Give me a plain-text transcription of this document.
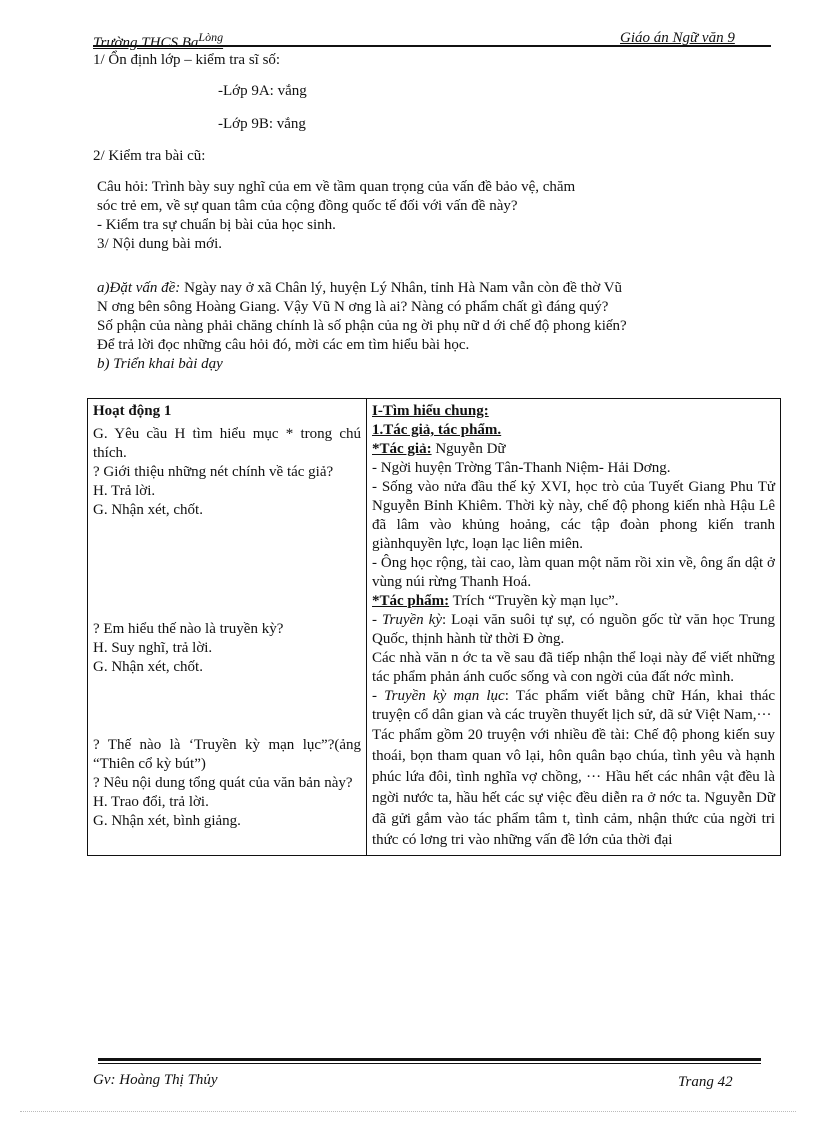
Trường THCS $Ba^{Lòng}$	Giáo án Ngữ văn 9
1/ Ổn định lớp – kiểm tra sĩ số:
-Lớp 9A: vắng
-Lớp 9B: vắng
2/ Kiểm tra bài cũ:
Câu hỏi: Trình bày suy nghĩ của em về tầm quan trọng của vấn đề bảo vệ, chăm
sóc trẻ em, về sự quan tâm của cộng đồng quốc tế đối với vấn đề này?
- Kiểm tra sự chuẩn bị bài của học sinh.
3/ Nội dung bài mới.
a)Đặt vấn đề: Ngày nay ở xã Chân lý, huyện Lý Nhân, tỉnh Hà Nam vẫn còn đề thờ Vũ
N ơng bên sông Hoàng Giang. Vậy Vũ N ơng là ai? Nàng có phẩm chất gì đáng quý?
Số phận của nàng phải chăng chính là số phận của ng ời phụ nữ d ới chế độ phong kiến?
Để trả lời đọc những câu hỏi đó, mời các em tìm hiểu bài học.
b) Triển khai bài dạy
Hoạt động 1
G. Yêu cầu H tìm hiểu mục * trong chú thích.
? Giới thiệu những nét chính về tác giả?
H. Trả lời.
G. Nhận xét, chốt.
? Em hiểu thế nào là truyền kỳ?
H. Suy nghĩ, trả lời.
G. Nhận xét, chốt.
? Thế nào là ‘Truyền kỳ mạn lục”?(ảng “Thiên cổ kỳ bút”)
? Nêu nội dung tổng quát của văn bản này?
H. Trao đổi, trả lời.
G. Nhận xét, bình giảng.

I-Tìm hiểu chung:
1.Tác giả, tác phẩm.
*Tác giả: Nguyễn Dữ
- Ngời huyện Trờng Tân-Thanh Niệm- Hải Dơng.
- Sống vào nửa đầu thế kỷ XVI, học trò của Tuyết Giang Phu Tử Nguyễn Bỉnh Khiêm. Thời kỳ này, chế độ phong kiến nhà Hậu Lê đã lâm vào khủng hoảng, các tập đoàn phong kiến tranh giànhquyền lực, loạn lạc liên miên.
- Ông học rộng, tài cao, làm quan một năm rồi xin về, ông ẩn dật ở vùng núi rừng Thanh Hoá.
*Tác phẩm: Trích “Truyền kỳ mạn lục”.
- Truyền kỳ: Loại văn suôi tự sự, có nguồn gốc từ văn học Trung Quốc, thịnh hành từ thời Đ ờng.
Các nhà văn n ớc ta về sau đã tiếp nhận thể loại này để viết những tác phẩm phản ánh cuốc sống và con ngời của đất nớc mình.
- Truyền kỳ mạn lục: Tác phẩm viết bằng chữ Hán, khai thác truyện cổ dân gian và các truyền thuyết lịch sử, dã sử Việt Nam,···
Tác phẩm gồm 20 truyện với nhiều đề tài: Chế độ phong kiến suy thoái, bọn tham quan vô lại, hôn quân bạo chúa, tình yêu và hạnh phúc lứa đôi, tình nghĩa vợ chồng, ··· Hầu hết các nhân vật đều là ngời nước ta, hầu hết các sự việc đều diễn ra ở nớc ta. Nguyễn Dữ đã gửi gắm vào tác phẩm tâm t, tình cảm, nhận thức của ngời tri thức có lơng tri vào những vấn đề lớn của thời đại
Gv: Hoàng Thị Thủy	Trang 42
